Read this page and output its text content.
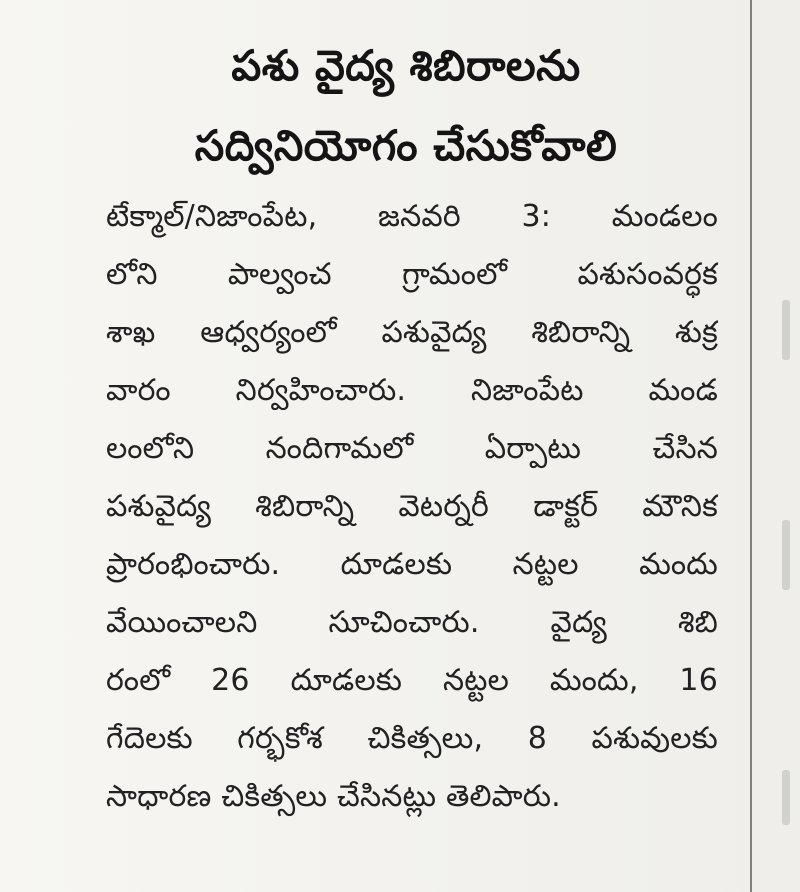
పశు వైద్య శిబిరాలను
సద్వినియోగం చేసుకోవాలి
టేక్మాల్/నిజాంపేట, జనవరి 3: మండలం
లోని పాల్వంచ గ్రామంలో పశుసంవర్ధక
శాఖ ఆధ్వర్యంలో పశువైద్య శిబిరాన్ని శుక్ర
వారం నిర్వహించారు. నిజాంపేట మండ
లంలోని నందిగామలో ఏర్పాటు చేసిన
పశువైద్య శిబిరాన్ని వెటర్నరీ డాక్టర్ మౌనిక
ప్రారంభించారు. దూడలకు నట్టల మందు
వేయించాలని సూచించారు. వైద్య శిబి
రంలో 26 దూడలకు నట్టల మందు, 16
గేదెలకు గర్భకోశ చికిత్సలు, 8 పశువులకు
సాధారణ చికిత్సలు చేసినట్లు తెలిపారు.
